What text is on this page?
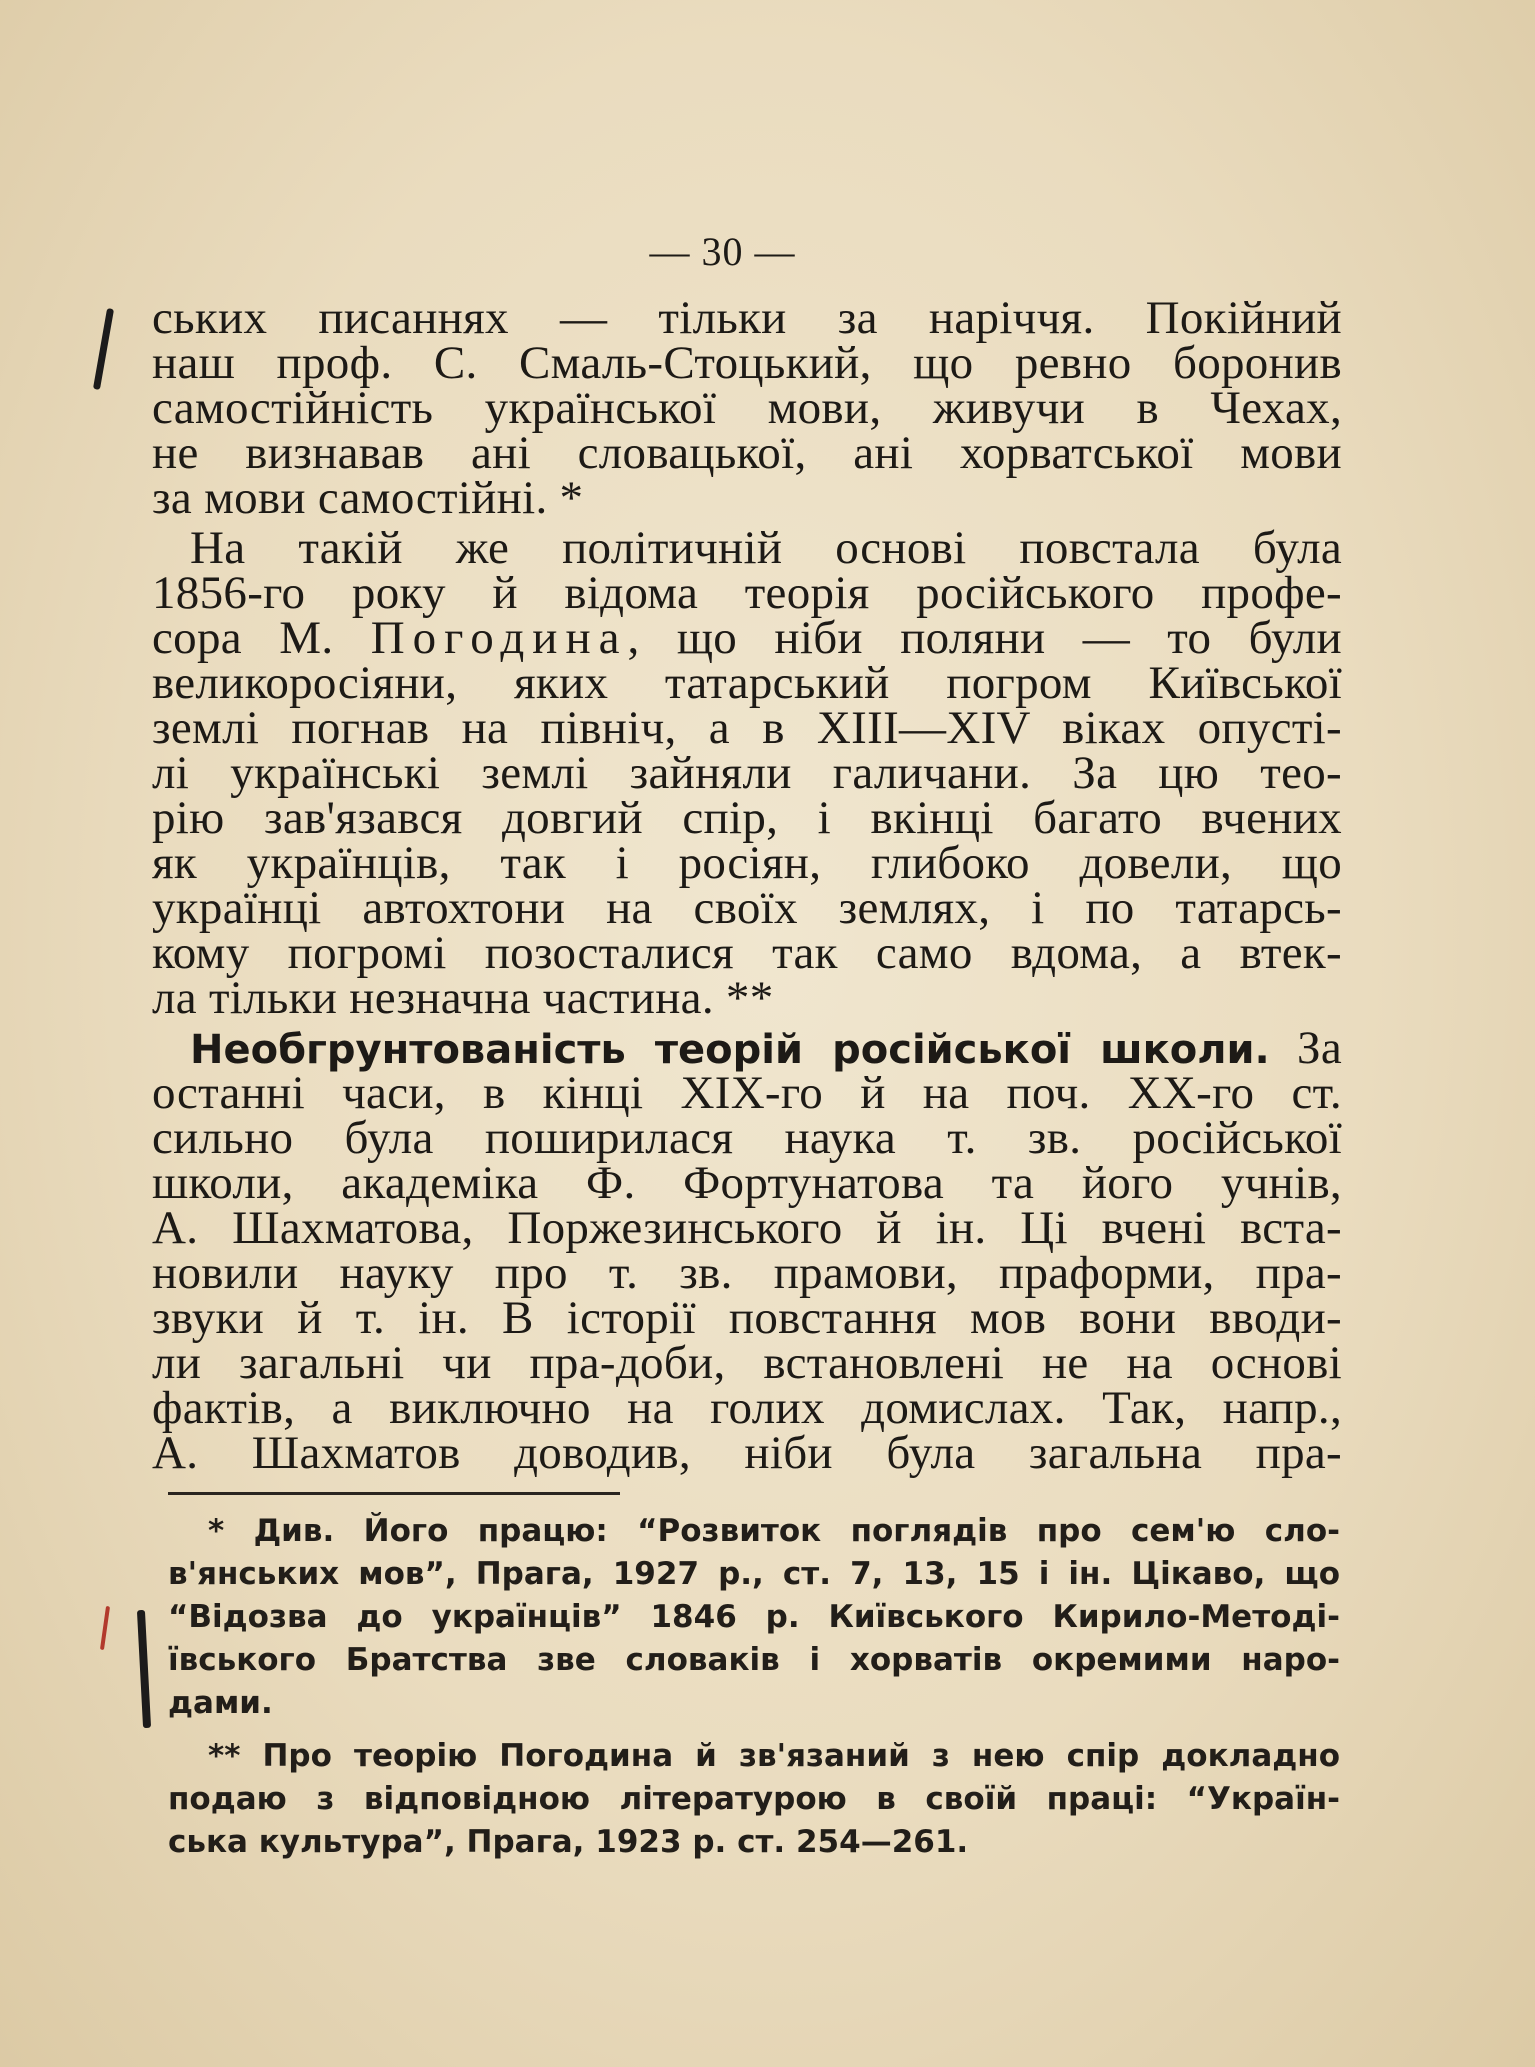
— 30 —
ських писаннях — тільки за наріччя. Покійний
наш проф. С. Смаль-Стоцький, що ревно боронив
самостійність української мови, живучи в Чехах,
не визнавав ані словацької, ані хорватської мови
за мови самостійні. *
На такій же політичній основі повстала була
1856-го року й відома теорія російського профе-
сора М. Погодина, що ніби поляни — то були
великоросіяни, яких татарський погром Київської
землі погнав на північ, а в XIII—XIV віках опусті-
лі українські землі зайняли галичани. За цю тео-
рію зав'язався довгий спір, і вкінці багато вчених
як українців, так і росіян, глибоко довели, що
українці автохтони на своїх землях, і по татарсь-
кому погромі позосталися так само вдома, а втек-
ла тільки незначна частина. **
Необгрунтованість теорій російської школи. За
останні часи, в кінці XIX-го й на поч. XX-го ст.
сильно була поширилася наука т. зв. російської
школи, академіка Ф. Фортунатова та його учнів,
А. Шахматова, Поржезинського й ін. Ці вчені вста-
новили науку про т. зв. прамови, праформи, пра-
звуки й т. ін. В історії повстання мов вони вводи-
ли загальні чи пра-доби, встановлені не на основі
фактів, а виключно на голих домислах. Так, напр.,
А. Шахматов доводив, ніби була загальна пра-
* Див. Його працю: “Розвиток поглядів про сем'ю сло-
в'янських мов”, Прага, 1927 р., ст. 7, 13, 15 і ін. Цікаво, що
“Відозва до українців” 1846 р. Київського Кирило-Методі-
ївського Братства зве словаків і хорватів окремими наро-
дами.
** Про теорію Погодина й зв'язаний з нею спір докладно
подаю з відповідною літературою в своїй праці: “Україн-
ська культура”, Прага, 1923 р. ст. 254—261.
